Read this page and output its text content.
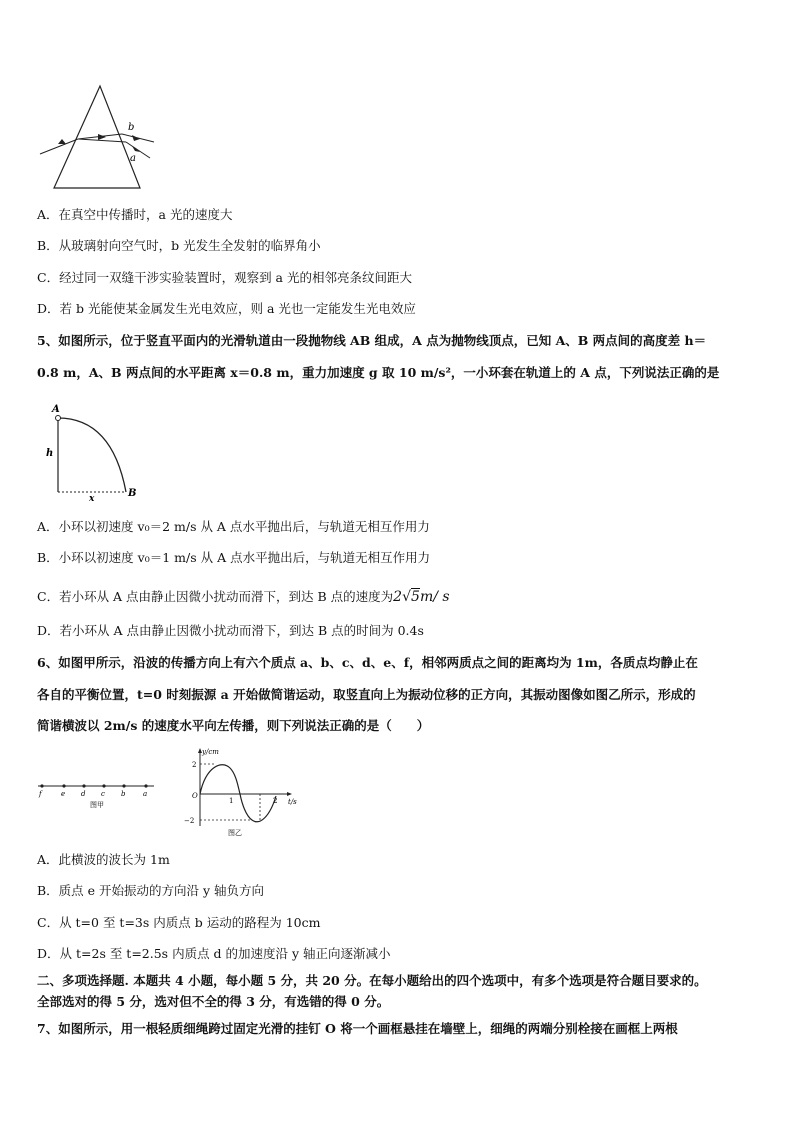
b
a
A．在真空中传播时，a 光的速度大
B．从玻璃射向空气时，b 光发生全发射的临界角小
C．经过同一双缝干涉实验装置时，观察到 a 光的相邻亮条纹间距大
D．若 b 光能使某金属发生光电效应，则 a 光也一定能发生光电效应
5、如图所示，位于竖直平面内的光滑轨道由一段抛物线 AB 组成，A 点为抛物线顶点，已知 A、B 两点间的高度差 h＝
0.8 m，A、B 两点间的水平距离 x＝0.8 m，重力加速度 g 取 10 m/s²，一小环套在轨道上的 A 点，下列说法正确的是
A
B
h
x
A．小环以初速度 v₀＝2 m/s 从 A 点水平抛出后，与轨道无相互作用力
B．小环以初速度 v₀＝1 m/s 从 A 点水平抛出后，与轨道无相互作用力
C．若小环从 A 点由静止因微小扰动而滑下，到达 B 点的速度为2√5m/ s
D．若小环从 A 点由静止因微小扰动而滑下，到达 B 点的时间为 0.4s
6、如图甲所示，沿波的传播方向上有六个质点 a、b、c、d、e、f，相邻两质点之间的距离均为 1m，各质点均静止在
各自的平衡位置，t=0 时刻振源 a 开始做简谐运动，取竖直向上为振动位移的正方向，其振动图像如图乙所示，形成的
简谐横波以 2m/s 的速度水平向左传播，则下列说法正确的是（　　）
f	e d c b	a
图甲
y/cm
t/s
2
−2
O
1	2
图乙
A．此横波的波长为 1m
B．质点 e 开始振动的方向沿 y 轴负方向
C．从 t=0 至 t=3s 内质点 b 运动的路程为 10cm
D．从 t=2s 至 t=2.5s 内质点 d 的加速度沿 y 轴正向逐渐减小
二、多项选择题. 本题共 4 小题，每小题 5 分，共 20 分。在每小题给出的四个选项中，有多个选项是符合题目要求的。
全部选对的得 5 分，选对但不全的得 3 分，有选错的得 0 分。
7、如图所示，用一根轻质细绳跨过固定光滑的挂钉 O 将一个画框悬挂在墙壁上，细绳的两端分别栓接在画框上两根
